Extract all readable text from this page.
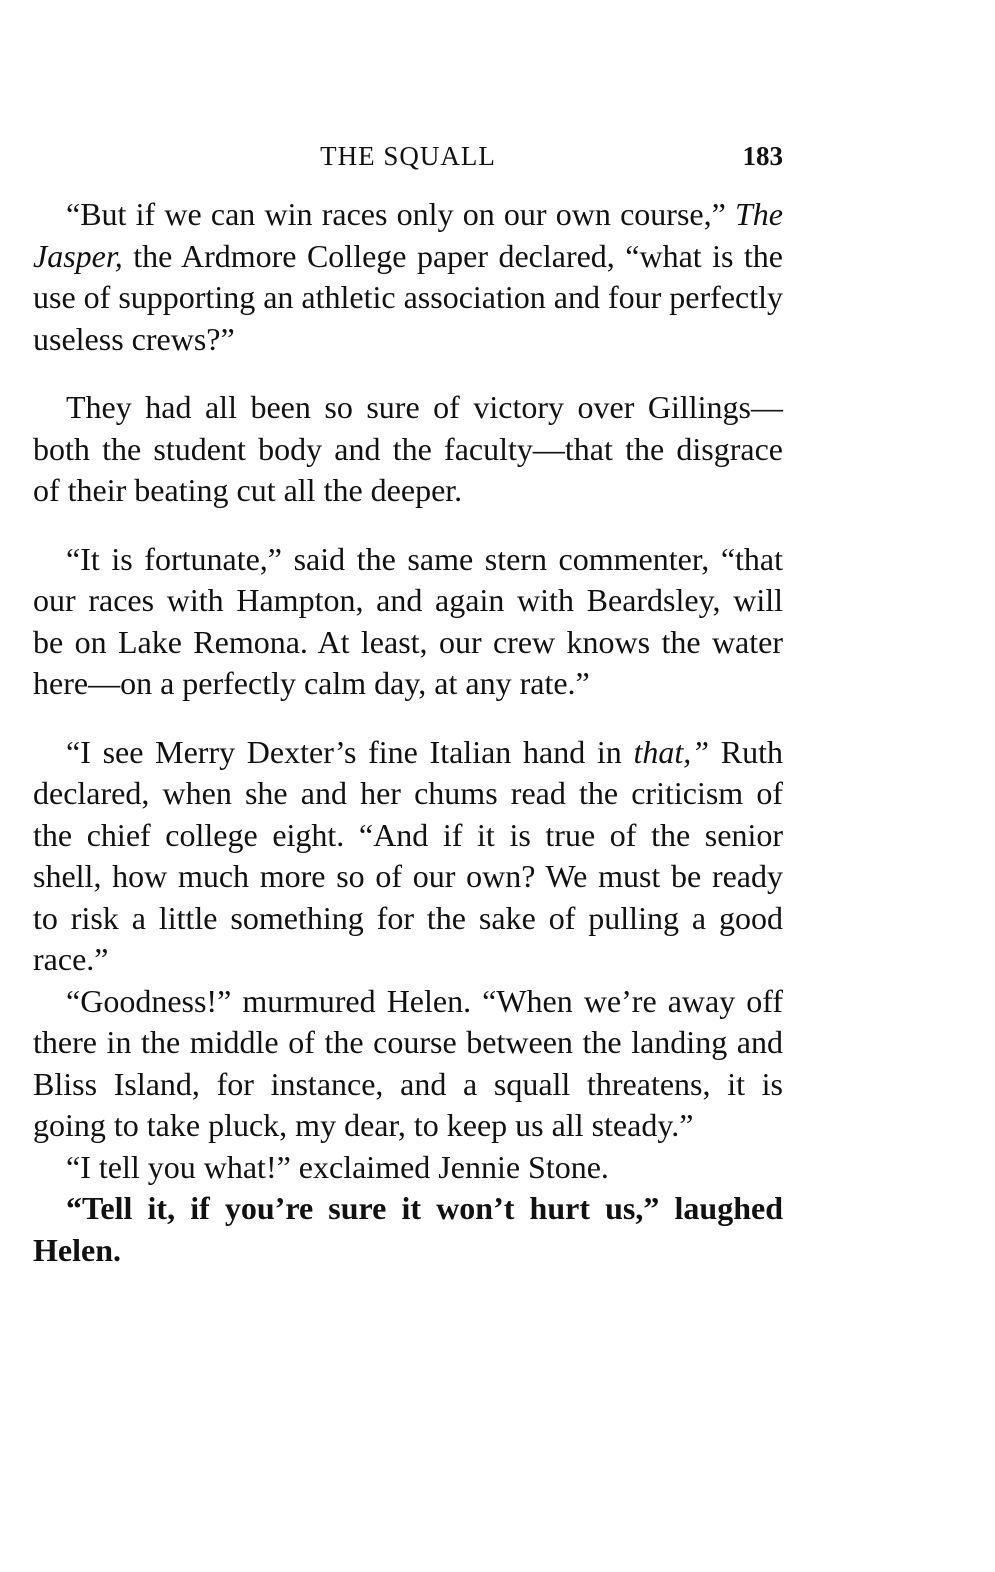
THE SQUALL	183

“But if we can win races only on our own course,” The Jasper, the Ardmore College paper declared, “what is the use of supporting an athletic association and four perfectly useless crews?”

They had all been so sure of victory over Gillings—both the student body and the faculty—that the disgrace of their beating cut all the deeper.

“It is fortunate,” said the same stern commenter, “that our races with Hampton, and again with Beardsley, will be on Lake Remona. At least, our crew knows the water here—on a perfectly calm day, at any rate.”

“I see Merry Dexter’s fine Italian hand in that,” Ruth declared, when she and her chums read the criticism of the chief college eight. “And if it is true of the senior shell, how much more so of our own? We must be ready to risk a little something for the sake of pulling a good race.”

“Goodness!” murmured Helen. “When we’re away off there in the middle of the course between the landing and Bliss Island, for instance, and a squall threatens, it is going to take pluck, my dear, to keep us all steady.”

“I tell you what!” exclaimed Jennie Stone.

“Tell it, if you’re sure it won’t hurt us,” laughed Helen.
